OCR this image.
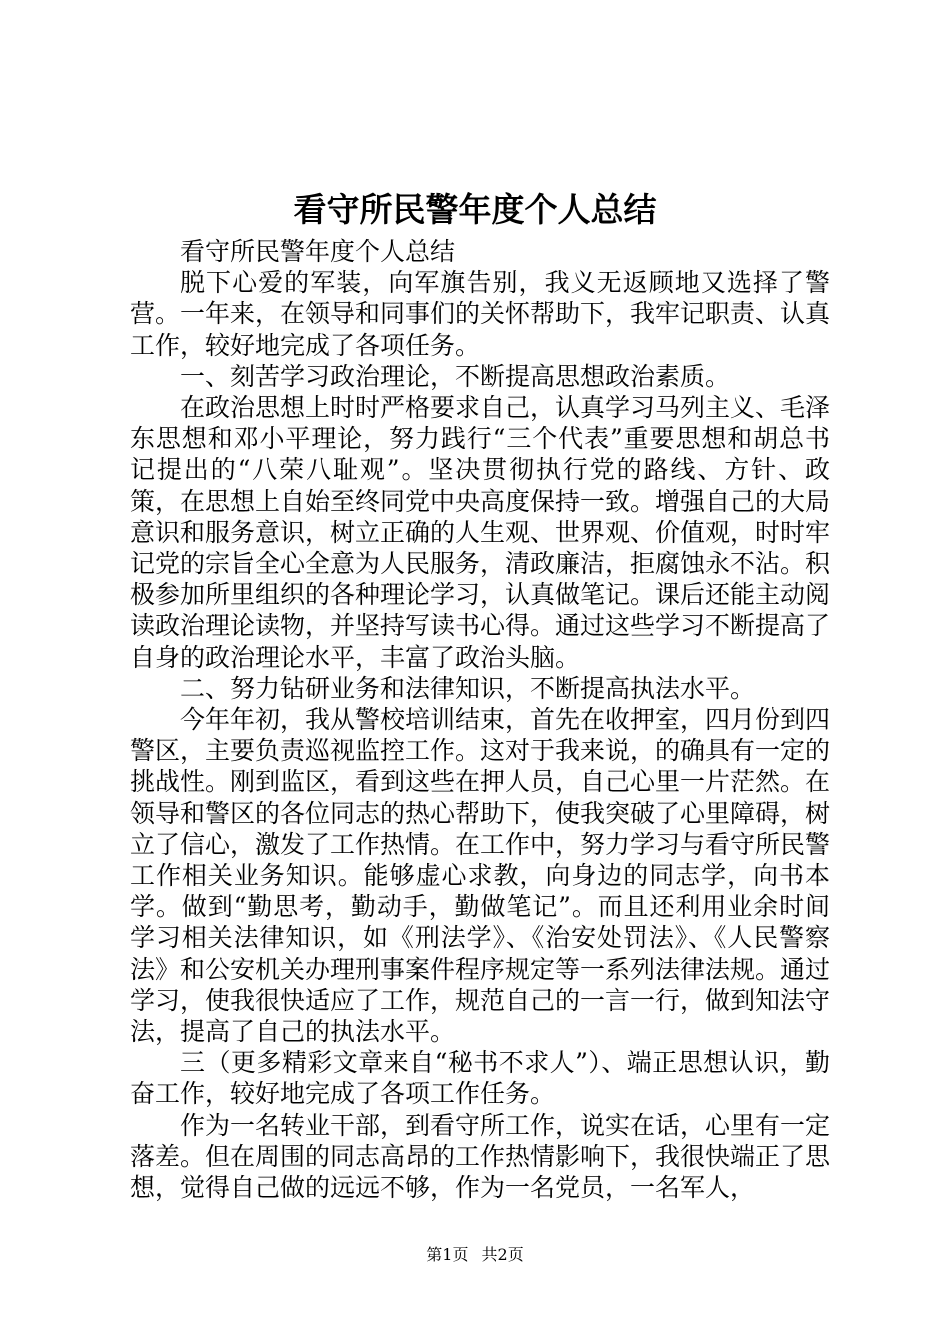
看守所民警年度个人总结

看守所民警年度个人总结

脱下心爱的军装，向军旗告别，我义无返顾地又选择了警营。一年来，在领导和同事们的关怀帮助下，我牢记职责、认真工作，较好地完成了各项任务。

一、刻苦学习政治理论，不断提高思想政治素质。

在政治思想上时时严格要求自己，认真学习马列主义、毛泽东思想和邓小平理论，努力践行“三个代表”重要思想和胡总书记提出的“八荣八耻观”。坚决贯彻执行党的路线、方针、政策，在思想上自始至终同党中央高度保持一致。增强自己的大局意识和服务意识，树立正确的人生观、世界观、价值观，时时牢记党的宗旨全心全意为人民服务，清政廉洁，拒腐蚀永不沾。积极参加所里组织的各种理论学习，认真做笔记。课后还能主动阅读政治理论读物，并坚持写读书心得。通过这些学习不断提高了自身的政治理论水平，丰富了政治头脑。

二、努力钻研业务和法律知识，不断提高执法水平。

今年年初，我从警校培训结束，首先在收押室，四月份到四警区，主要负责巡视监控工作。这对于我来说，的确具有一定的挑战性。刚到监区，看到这些在押人员，自己心里一片茫然。在领导和警区的各位同志的热心帮助下，使我突破了心里障碍，树立了信心，激发了工作热情。在工作中，努力学习与看守所民警工作相关业务知识。能够虚心求教，向身边的同志学，向书本学。做到“勤思考，勤动手，勤做笔记”。而且还利用业余时间学习相关法律知识，如《刑法学》、《治安处罚法》、《人民警察法》和公安机关办理刑事案件程序规定等一系列法律法规。通过学习，使我很快适应了工作，规范自己的一言一行，做到知法守法，提高了自己的执法水平。

三（更多精彩文章来自“秘书不求人”）、端正思想认识，勤奋工作，较好地完成了各项工作任务。

作为一名转业干部，到看守所工作，说实在话，心里有一定落差。但在周围的同志高昂的工作热情影响下，我很快端正了思想，觉得自己做的远远不够，作为一名党员，一名军人，

第1页 共2页
